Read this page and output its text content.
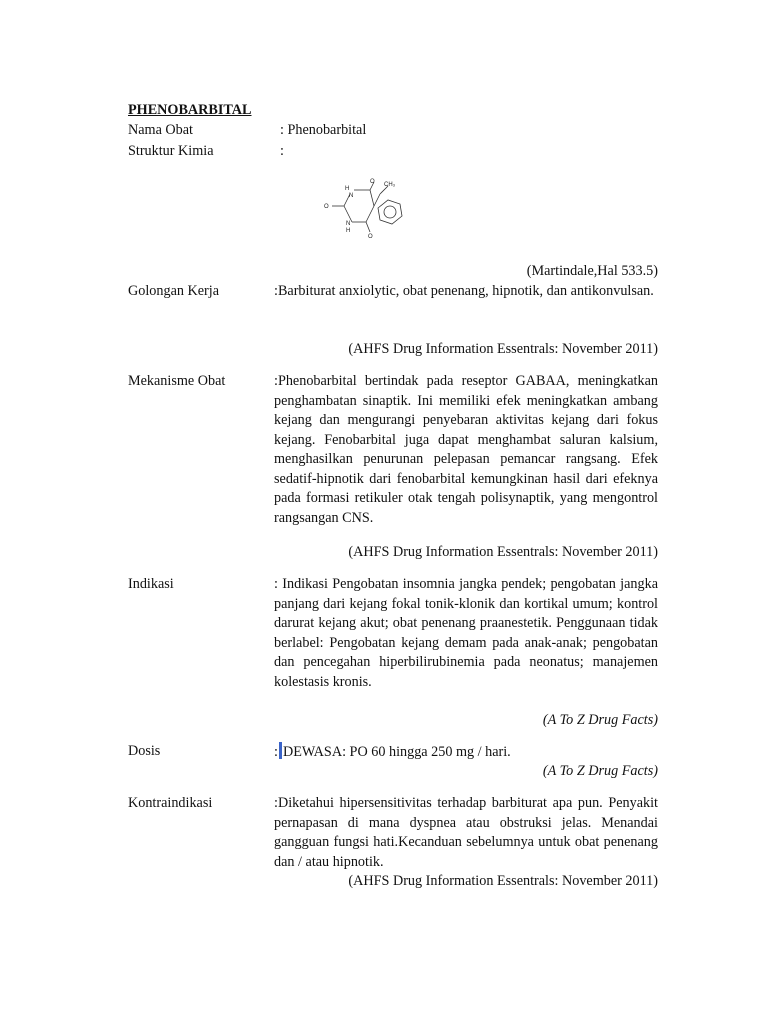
PHENOBARBITAL
Nama Obat	: Phenobarbital
Struktur Kimia	:
H
N
O CH₃
O
N
H
O
(Martindale,Hal 533.5)
Golongan Kerja	:Barbiturat anxiolytic, obat penenang, hipnotik, dan antikonvulsan.
(AHFS Drug Information Essentrals: November 2011)
Mekanisme Obat	:Phenobarbital bertindak pada reseptor GABAA, meningkatkan penghambatan sinaptik. Ini memiliki efek meningkatkan ambang kejang dan mengurangi penyebaran aktivitas kejang dari fokus kejang. Fenobarbital juga dapat menghambat saluran kalsium, menghasilkan penurunan pelepasan pemancar rangsang. Efek sedatif-hipnotik dari fenobarbital kemungkinan hasil dari efeknya pada formasi retikuler otak tengah polisynaptik, yang mengontrol rangsangan CNS.
(AHFS Drug Information Essentrals: November 2011)
Indikasi	: Indikasi Pengobatan insomnia jangka pendek; pengobatan jangka panjang dari kejang fokal tonik-klonik dan kortikal umum; kontrol darurat kejang akut; obat penenang praanestetik. Penggunaan tidak berlabel: Pengobatan kejang demam pada anak-anak; pengobatan dan pencegahan hiperbilirubinemia pada neonatus; manajemen kolestasis kronis.
(A To Z Drug Facts)
Dosis	: DEWASA: PO 60 hingga 250 mg / hari.
(A To Z Drug Facts)
Kontraindikasi	:Diketahui hipersensitivitas terhadap barbiturat apa pun. Penyakit pernapasan di mana dyspnea atau obstruksi jelas. Menandai gangguan fungsi hati.Kecanduan sebelumnya untuk obat penenang dan / atau hipnotik.
(AHFS Drug Information Essentrals: November 2011)
